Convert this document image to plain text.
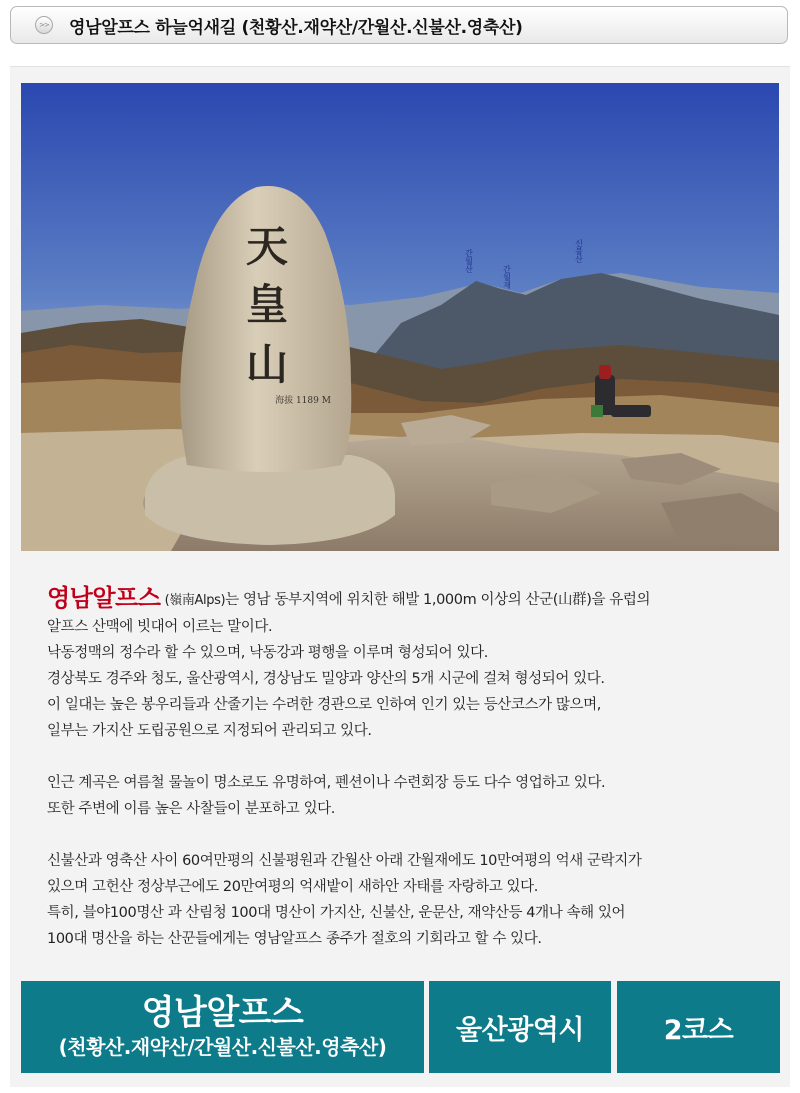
>> 영남알프스 하늘억새길 (천황산.재약산/간월산.신불산.영축산)
天
皇
山
海拔 1189 M
간월산
간월재
신불산
영남알프스 (嶺南Alps)는 영남 동부지역에 위치한 해발 1,000m 이상의 산군(山群)을 유럽의
알프스 산맥에 빗대어 이르는 말이다.
낙동정맥의 정수라 할 수 있으며, 낙동강과 평행을 이루며 형성되어 있다.
경상북도 경주와 청도, 울산광역시, 경상남도 밀양과 양산의 5개 시군에 걸쳐 형성되어 있다.
이 일대는 높은 봉우리들과 산줄기는 수려한 경관으로 인하여 인기 있는 등산코스가 많으며,
일부는 가지산 도립공원으로 지정되어 관리되고 있다.
인근 계곡은 여름철 물놀이 명소로도 유명하여, 펜션이나 수련회장 등도 다수 영업하고 있다.
또한 주변에 이름 높은 사찰들이 분포하고 있다.
신불산과 영축산 사이 60여만평의 신불평원과 간월산 아래 간월재에도 10만여평의 억새 군락지가
있으며 고헌산 정상부근에도 20만여평의 억새밭이 새하안 자태를 자랑하고 있다.
특히, 블야100명산 과 산림청 100대 명산이 가지산, 신불산, 운문산, 재약산등 4개나 속해 있어
100대 명산을 하는 산꾼들에게는 영남알프스 종주가 절호의 기회라고 할 수 있다.
영남알프스
(천황산.재약산/간월산.신불산.영축산)
울산광역시	2코스
